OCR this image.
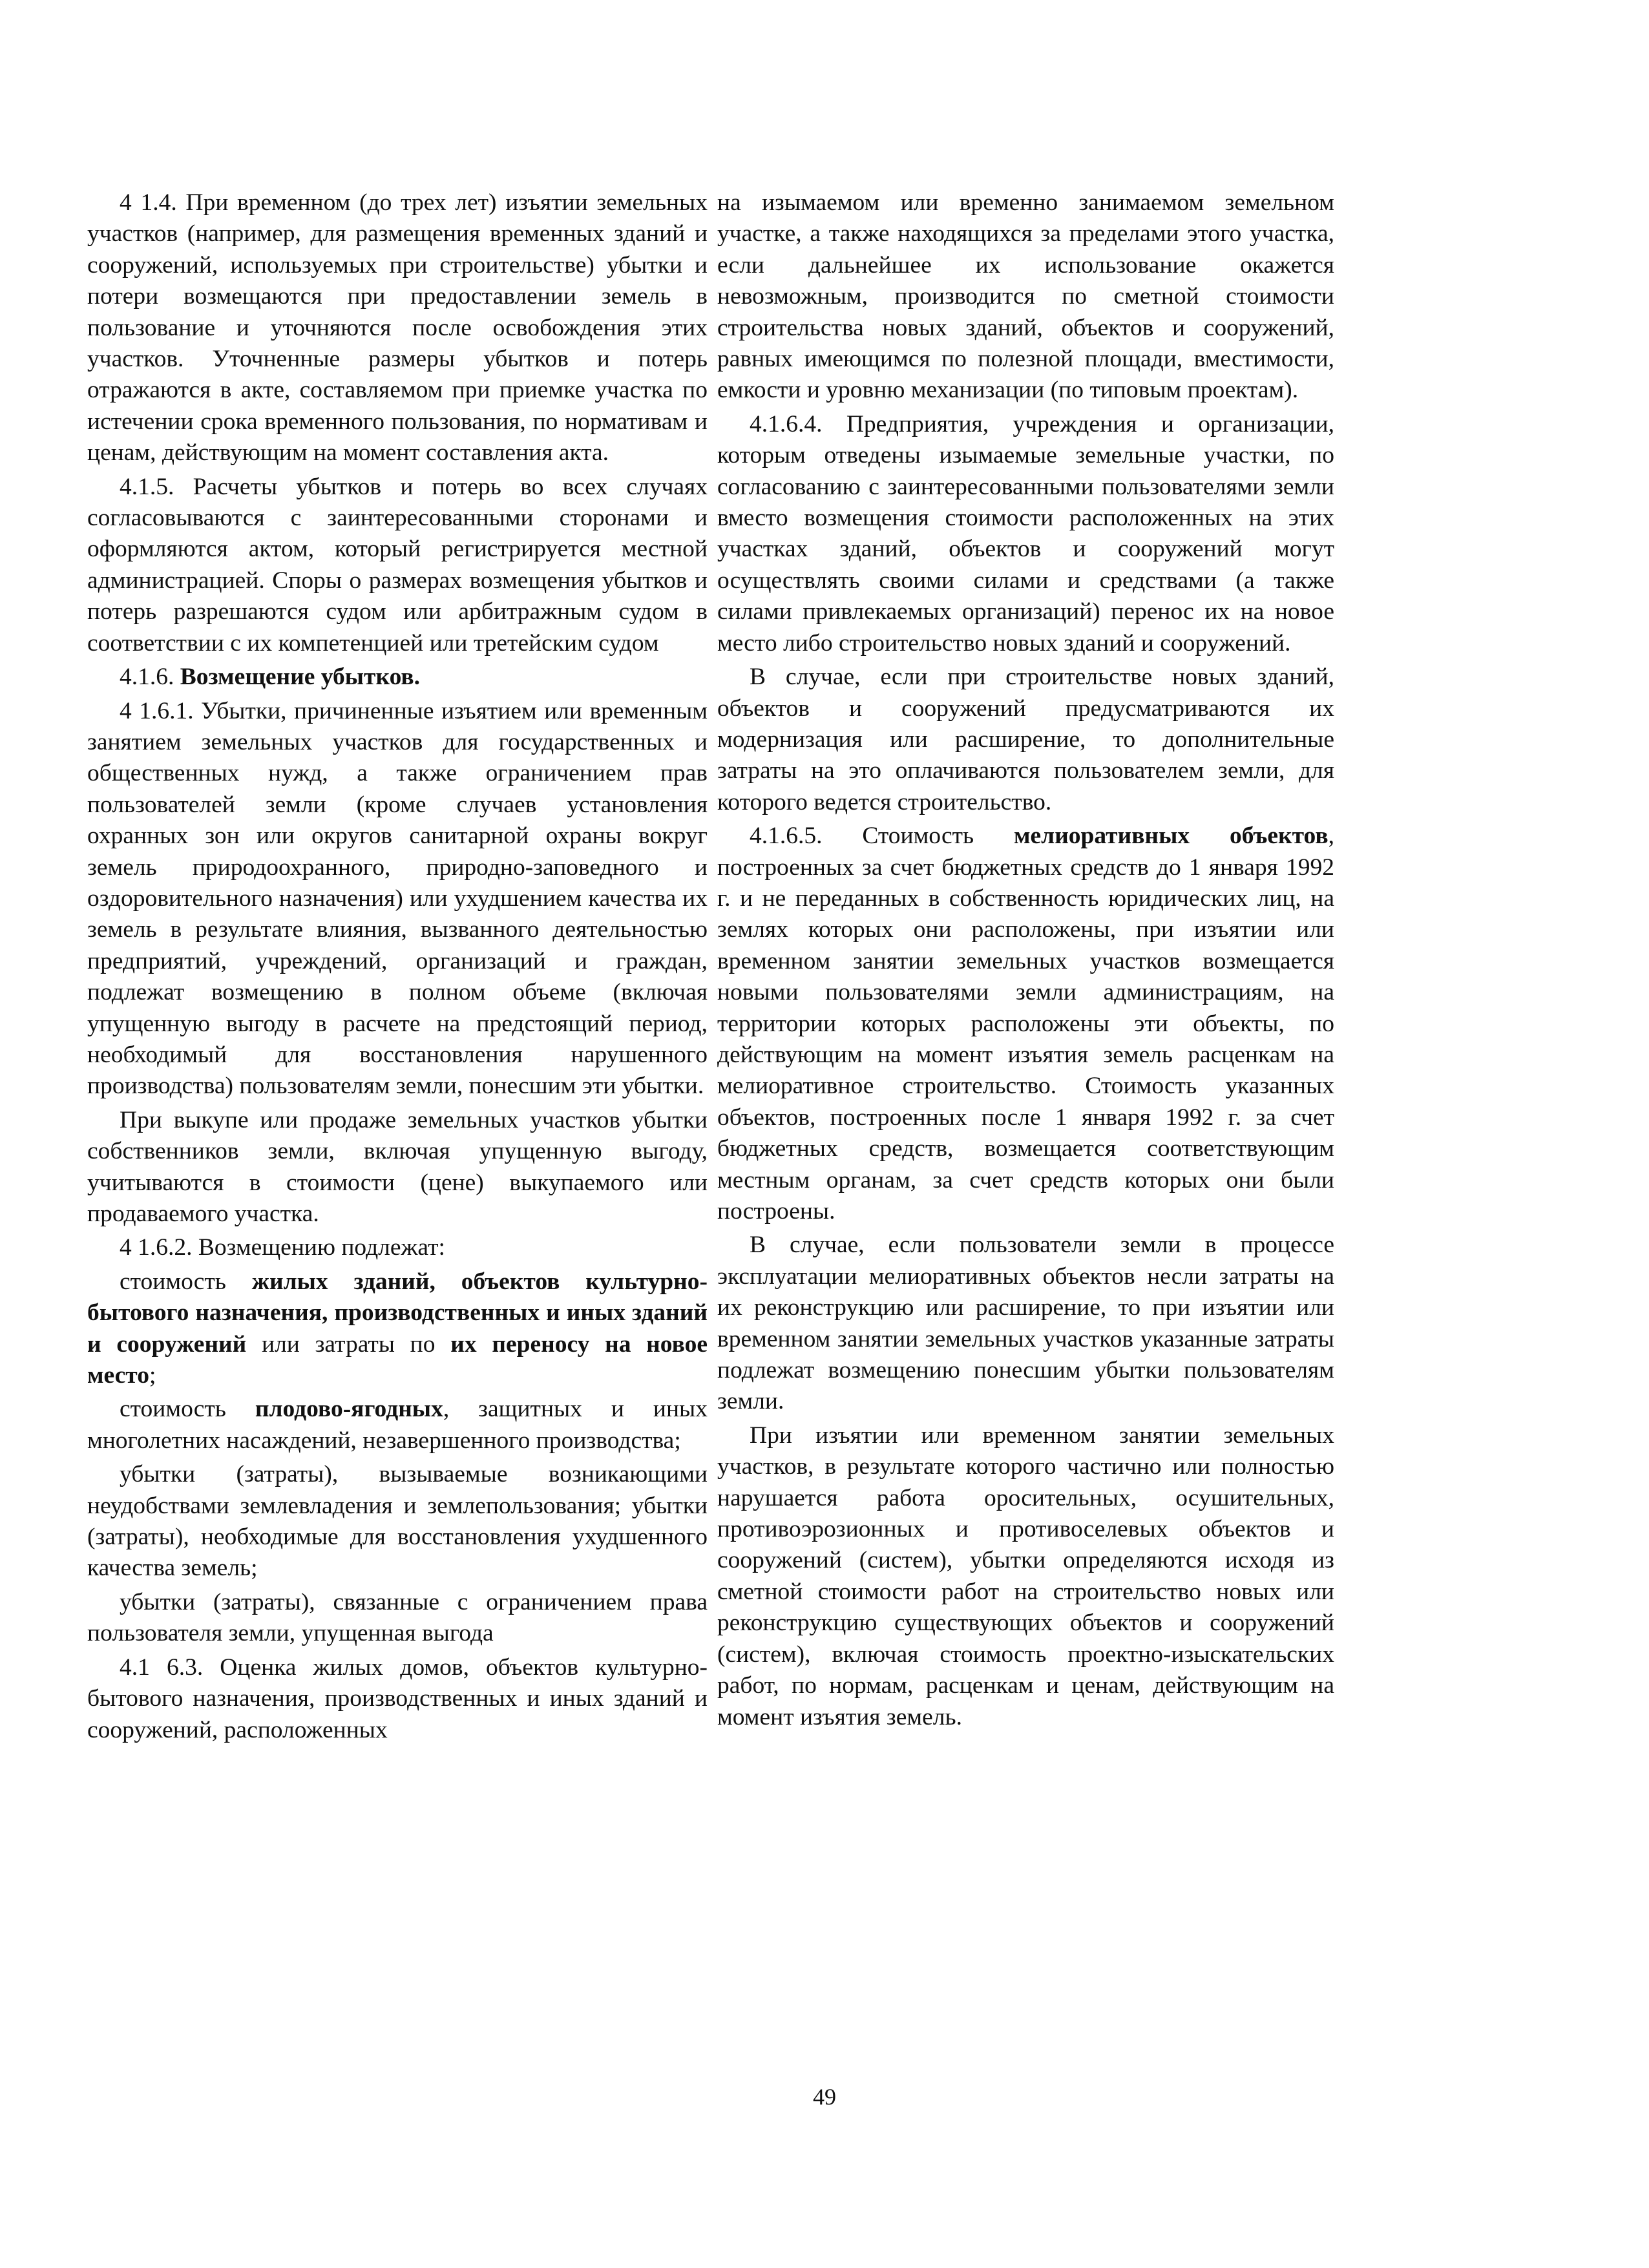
4 1.4. При временном (до трех лет) изъятии земельных участков (например, для размещения временных зданий и сооружений, используемых при строительстве) убытки и потери возмещаются при предоставлении земель в пользование и уточняются после освобождения этих участков. Уточненные размеры убытков и потерь отражаются в акте, составляемом при приемке участка по истечении срока временного пользования, по нормативам и ценам, действующим на момент составления акта.

4.1.5. Расчеты убытков и потерь во всех случаях согласовываются с заинтересованными сторонами и оформляются актом, который регистрируется местной администрацией. Споры о размерах возмещения убытков и потерь разрешаются судом или арбитражным судом в соответствии с их компетенцией или третейским судом

4.1.6. Возмещение убытков.

4 1.6.1. Убытки, причиненные изъятием или временным занятием земельных участков для государственных и общественных нужд, а также ограничением прав пользователей земли (кроме случаев установления охранных зон или округов санитарной охраны вокруг земель природоохранного, природно-заповедного и оздоровительного назначения) или ухудшением качества их земель в результате влияния, вызванного деятельностью предприятий, учреждений, организаций и граждан, подлежат возмещению в полном объеме (включая упущенную выгоду в расчете на предстоящий период, необходимый для восстановления нарушенного производства) пользователям земли, понесшим эти убытки.

При выкупе или продаже земельных участков убытки собственников земли, включая упущенную выгоду, учитываются в стоимости (цене) выкупаемого или продаваемого участка.

4 1.6.2. Возмещению подлежат:

стоимость жилых зданий, объектов культурно-бытового назначения, производственных и иных зданий и сооружений или затраты по их переносу на новое место;

стоимость плодово-ягодных, защитных и иных многолетних насаждений, незавершенного производства;

убытки (затраты), вызываемые возникающими неудобствами землевладения и землепользования; убытки (затраты), необходимые для восстановления ухудшенного качества земель;

убытки (затраты), связанные с ограничением права пользователя земли, упущенная выгода

4.1 6.3. Оценка жилых домов, объектов культурно-бытового назначения, производственных и иных зданий и сооружений, расположенных

на изымаемом или временно занимаемом земельном участке, а также находящихся за пределами этого участка, если дальнейшее их использование окажется невозможным, производится по сметной стоимости строительства новых зданий, объектов и сооружений, равных имеющимся по полезной площади, вместимости, емкости и уровню механизации (по типовым проектам).

4.1.6.4. Предприятия, учреждения и организации, которым отведены изымаемые земельные участки, по согласованию с заинтересованными пользователями земли вместо возмещения стоимости расположенных на этих участках зданий, объектов и сооружений могут осуществлять своими силами и средствами (а также силами привлекаемых организаций) перенос их на новое место либо строительство новых зданий и сооружений.

В случае, если при строительстве новых зданий, объектов и сооружений предусматриваются их модернизация или расширение, то дополнительные затраты на это оплачиваются пользователем земли, для которого ведется строительство.

4.1.6.5. Стоимость мелиоративных объектов, построенных за счет бюджетных средств до 1 января 1992 г. и не переданных в собственность юридических лиц, на землях которых они расположены, при изъятии или временном занятии земельных участков возмещается новыми пользователями земли администрациям, на территории которых расположены эти объекты, по действующим на момент изъятия земель расценкам на мелиоративное строительство. Стоимость указанных объектов, построенных после 1 января 1992 г. за счет бюджетных средств, возмещается соответствующим местным органам, за счет средств которых они были построены.

В случае, если пользователи земли в процессе эксплуатации мелиоративных объектов несли затраты на их реконструкцию или расширение, то при изъятии или временном занятии земельных участков указанные затраты подлежат возмещению понесшим убытки пользователям земли.

При изъятии или временном занятии земельных участков, в результате которого частично или полностью нарушается работа оросительных, осушительных, противоэрозионных и противоселевых объектов и сооружений (систем), убытки определяются исходя из сметной стоимости работ на строительство новых или реконструкцию существующих объектов и сооружений (систем), включая стоимость проектно-изыскательских работ, по нормам, расценкам и ценам, действующим на момент изъятия земель.

49
